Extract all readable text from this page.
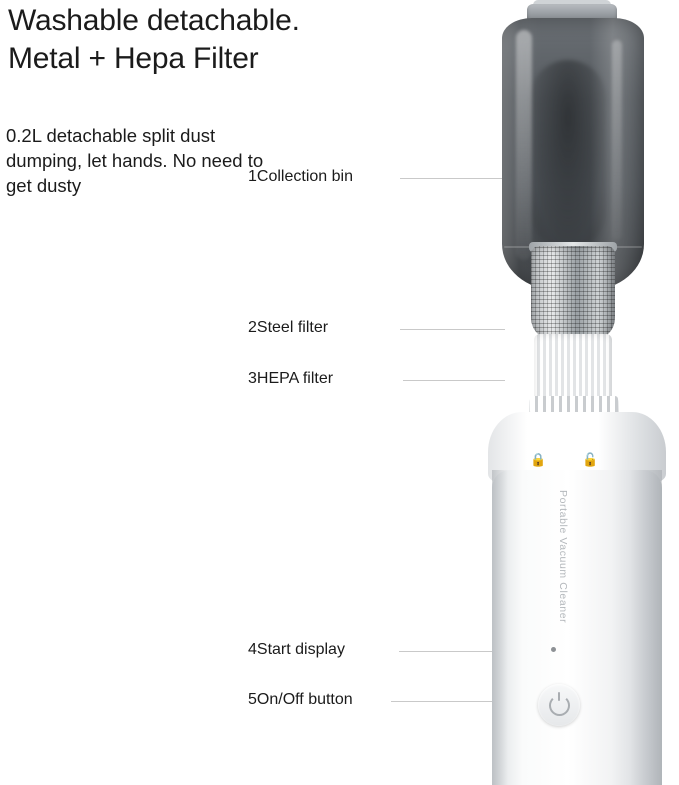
Washable detachable.
Metal + Hepa Filter
0.2L detachable split dust dumping, let hands. No need to get dusty	1Collection bin
2Steel filter
3HEPA filter
4Start display
5On/Off button
🔒	🔓
Portable Vacuum Cleaner
